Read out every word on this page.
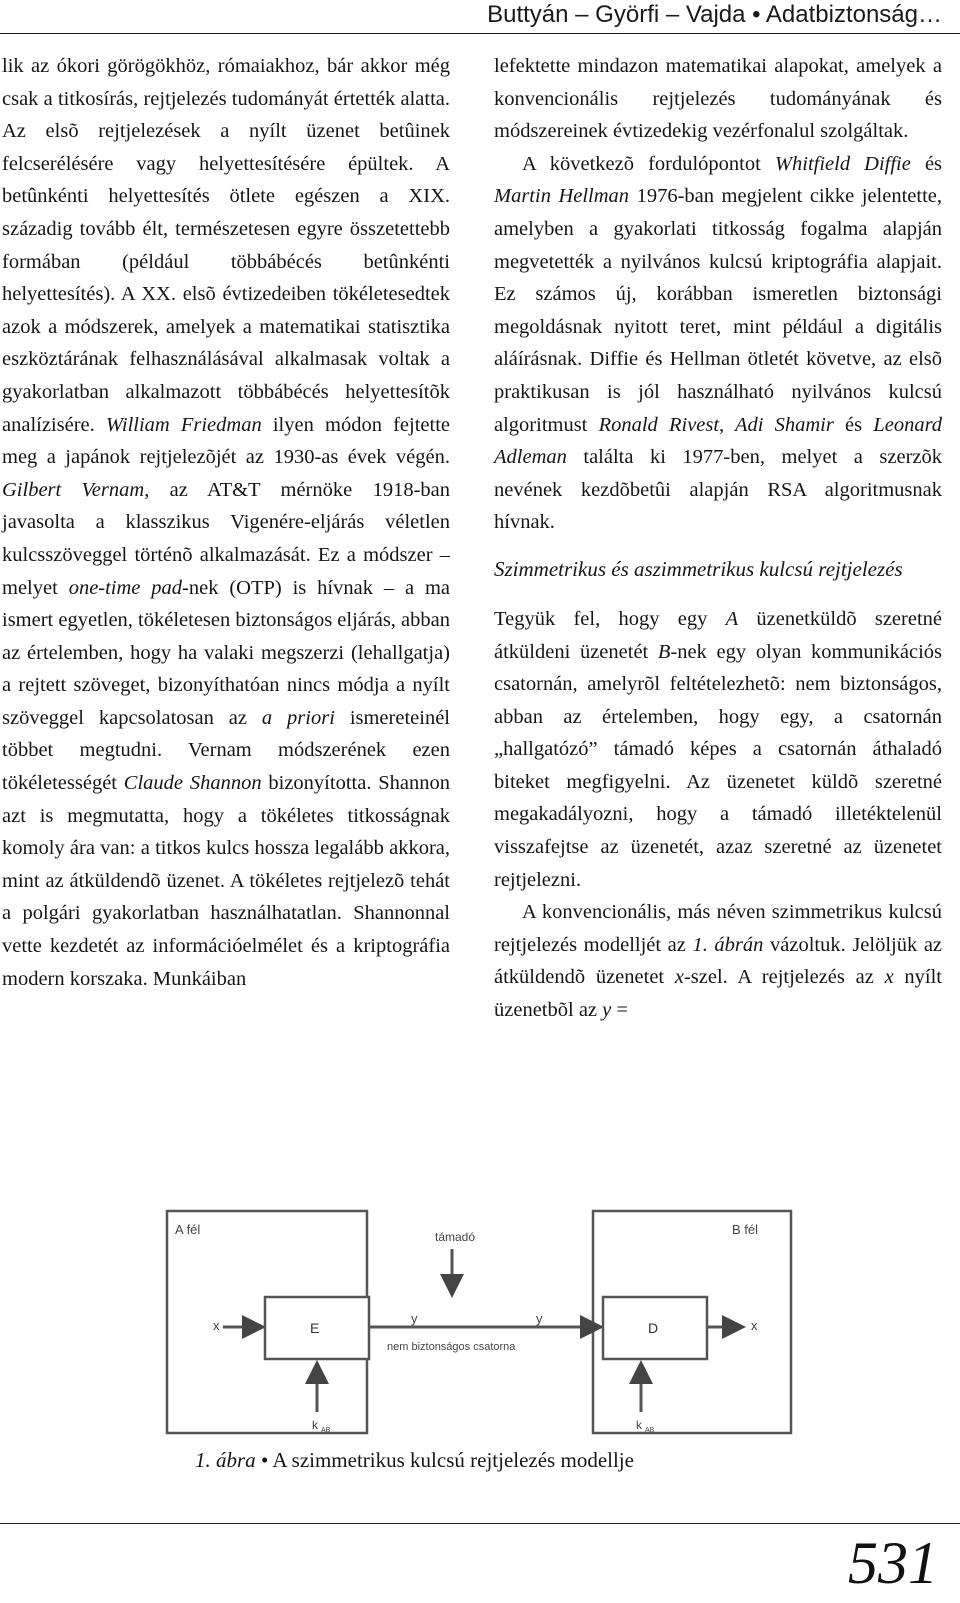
Buttyán – Györfi – Vajda • Adatbiztonság…

lik az ókori görögökhöz, rómaiakhoz, bár akkor még csak a titkosírás, rejtjelezés tudományát értették alatta. Az elsõ rejtjelezések a nyílt üzenet betûinek felcserélésére vagy helyettesítésére épültek. A betûnkénti helyettesítés ötlete egészen a XIX. századig tovább élt, természetesen egyre összetettebb formában (például többábécés betûnkénti helyettesítés). A XX. elsõ évtizedeiben tökéletesedtek azok a módszerek, amelyek a matematikai statisztika eszköztárának felhasználásával alkalmasak voltak a gyakorlatban alkalmazott többábécés helyettesítõk analízisére. William Friedman ilyen módon fejtette meg a japánok rejtjelezõjét az 1930-as évek végén. Gilbert Vernam, az AT&T mérnöke 1918-ban javasolta a klasszikus Vigenére-eljárás véletlen kulcsszöveggel történõ alkalmazását. Ez a módszer – melyet one-time pad-nek (OTP) is hívnak – a ma ismert egyetlen, tökéletesen biztonságos eljárás, abban az értelemben, hogy ha valaki megszerzi (lehallgatja) a rejtett szöveget, bizonyíthatóan nincs módja a nyílt szöveggel kapcsolatosan az a priori ismereteinél többet megtudni. Vernam módszerének ezen tökéletességét Claude Shannon bizonyította. Shannon azt is megmutatta, hogy a tökéletes titkosságnak komoly ára van: a titkos kulcs hossza legalább akkora, mint az átküldendõ üzenet. A tökéletes rejtjelezõ tehát a polgári gyakorlatban használhatatlan. Shannonnal vette kezdetét az információelmélet és a kriptográfia modern korszaka. Munkáiban

lefektette mindazon matematikai alapokat, amelyek a konvencionális rejtjelezés tudományának és módszereinek évtizedekig vezérfonalul szolgáltak.

A következõ fordulópontot Whitfield Diffie és Martin Hellman 1976-ban megjelent cikke jelentette, amelyben a gyakorlati titkosság fogalma alapján megvetették a nyilvános kulcsú kriptográfia alapjait. Ez számos új, korábban ismeretlen biztonsági megoldásnak nyitott teret, mint például a digitális aláírásnak. Diffie és Hellman ötletét követve, az elsõ praktikusan is jól használható nyilvános kulcsú algoritmust Ronald Rivest, Adi Shamir és Leonard Adleman találta ki 1977-ben, melyet a szerzõk nevének kezdõbetûi alapján RSA algoritmusnak hívnak.

Szimmetrikus és aszimmetrikus kulcsú rejtjelezés

Tegyük fel, hogy egy A üzenetküldõ szeretné átküldeni üzenetét B-nek egy olyan kommunikációs csatornán, amelyrõl feltételezhetõ: nem biztonságos, abban az értelemben, hogy egy, a csatornán „hallgatózó” támadó képes a csatornán áthaladó biteket megfigyelni. Az üzenetet küldõ szeretné megakadályozni, hogy a támadó illetéktelenül visszafejtse az üzenetét, azaz szeretné az üzenetet rejtjelezni.

A konvencionális, más néven szimmetrikus kulcsú rejtjelezés modelljét az 1. ábrán vázoltuk. Jelöljük az átküldendõ üzenetet x-szel. A rejtjelezés az x nyílt üzenetbõl az y =

A fél	B fél
támadó
x	E
y	y
nem biztonságos csatorna
D	x
k AB	k AB
1. ábra • A szimmetrikus kulcsú rejtjelezés modellje
531
